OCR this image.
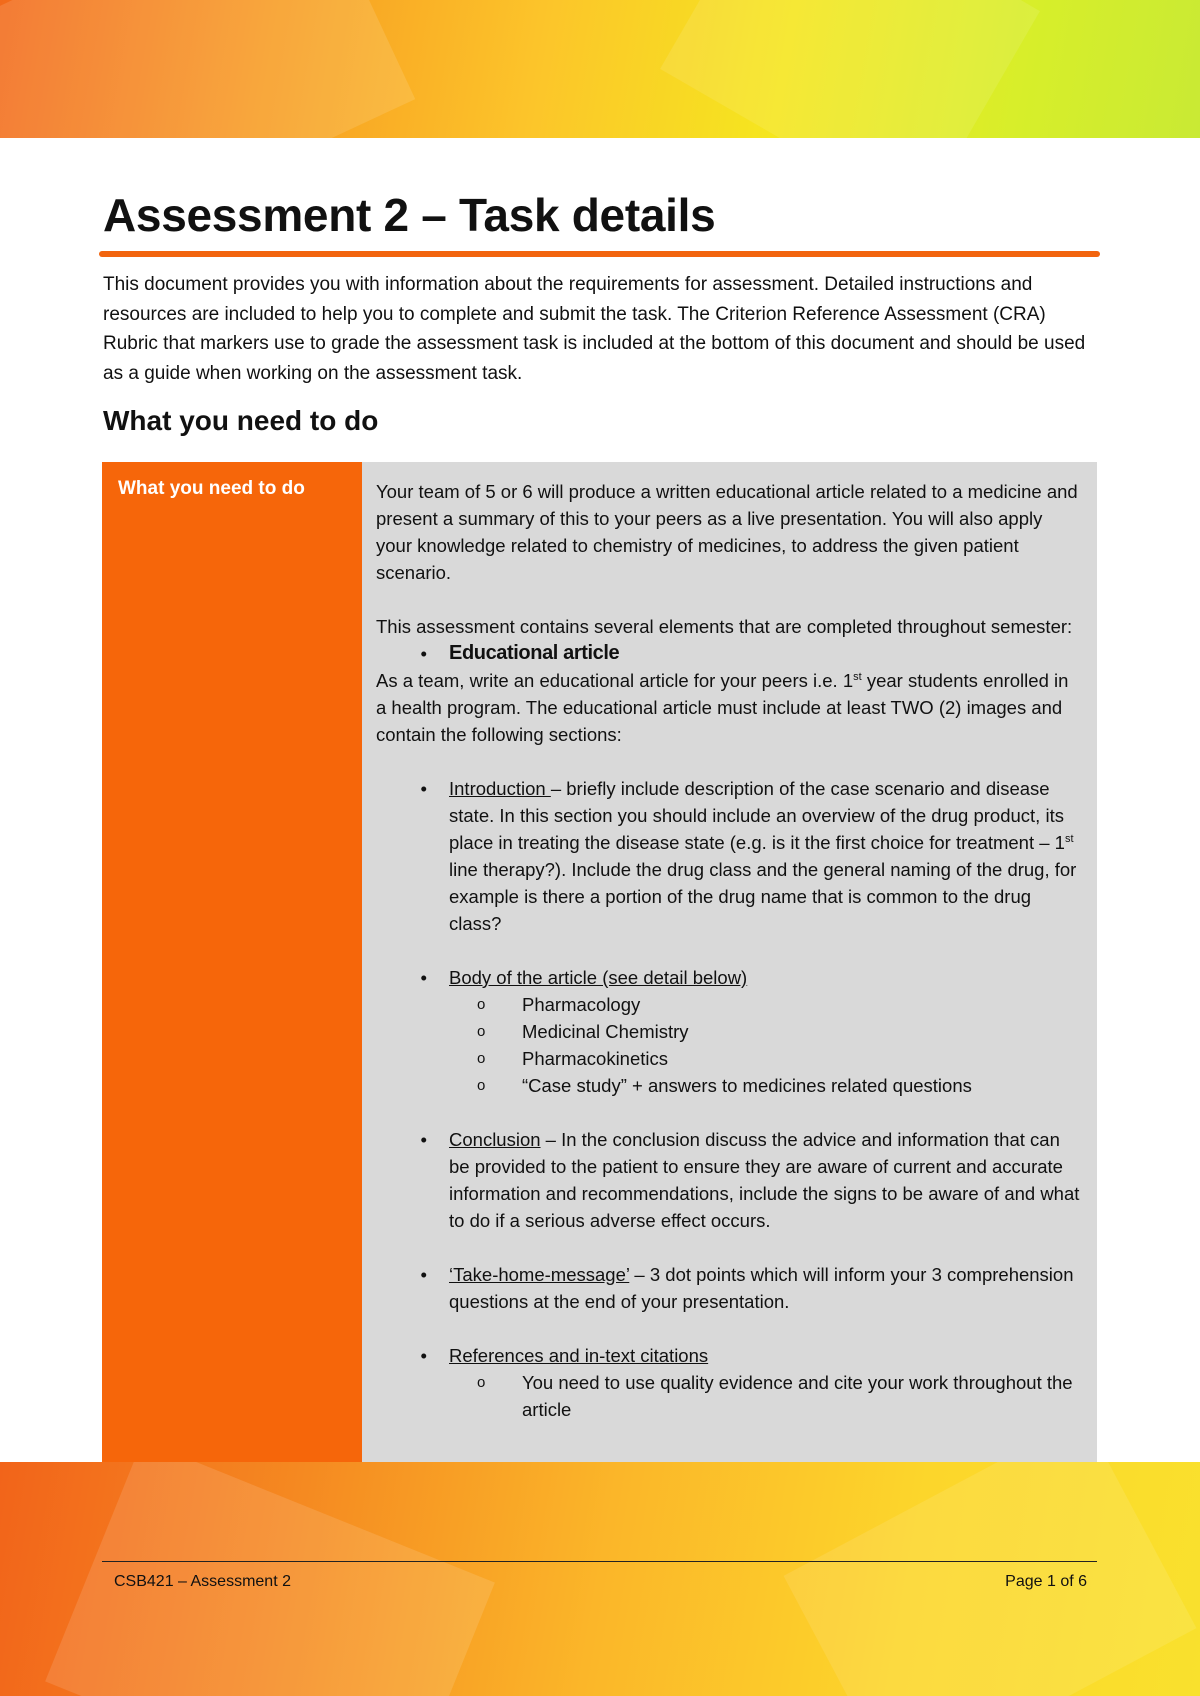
Assessment 2 – Task details

This document provides you with information about the requirements for assessment. Detailed instructions and resources are included to help you to complete and submit the task. The Criterion Reference Assessment (CRA) Rubric that markers use to grade the assessment task is included at the bottom of this document and should be used as a guide when working on the assessment task.

What you need to do
What you need to do	Your team of 5 or 6 will produce a written educational article related to a medicine and present a summary of this to your peers as a live presentation. You will also apply your knowledge related to chemistry of medicines, to address the given patient scenario.

This assessment contains several elements that are completed throughout semester:

•	Educational article

As a team, write an educational article for your peers i.e. 1st year students enrolled in a health program. The educational article must include at least TWO (2) images and contain the following sections:

•	Introduction – briefly include description of the case scenario and disease state. In this section you should include an overview of the drug product, its place in treating the disease state (e.g. is it the first choice for treatment – 1st line therapy?). Include the drug class and the general naming of the drug, for example is there a portion of the drug name that is common to the drug class?
•	Body of the article (see detail below)
o	Pharmacology
o	Medicinal Chemistry
o	Pharmacokinetics
o	“Case study” + answers to medicines related questions
•	Conclusion – In the conclusion discuss the advice and information that can be provided to the patient to ensure they are aware of current and accurate information and recommendations, include the signs to be aware of and what to do if a serious adverse effect occurs.
•	‘Take-home-message’ – 3 dot points which will inform your 3 comprehension questions at the end of your presentation.
•	References and in-text citations
o	You need to use quality evidence and cite your work throughout the article
CSB421 – Assessment 2	Page 1 of 6
